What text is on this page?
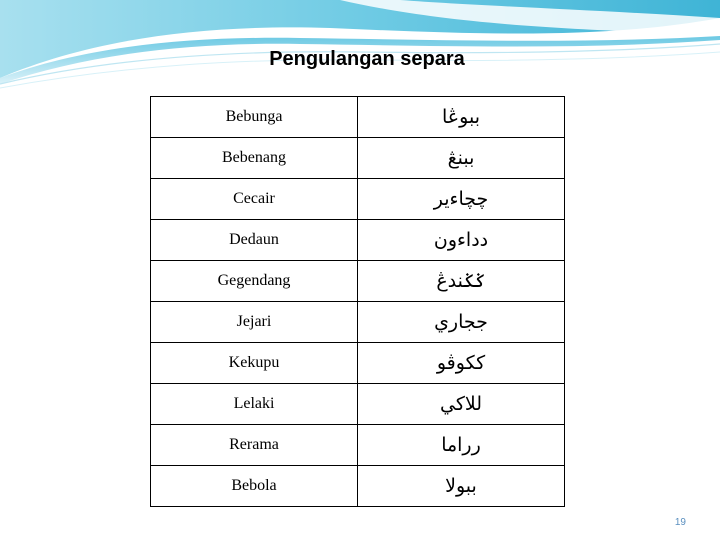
Pengulangan separa
Bebunga	ببوڠا
Bebenang	ببنڠ
Cecair	چچاءير
Dedaun	دداءون
Gegendang	ݢݢندڠ
Jejari	ججاري
Kekupu	ككوڤو
Lelaki	للاكي
Rerama	رراما
Bebola	ببولا
19
